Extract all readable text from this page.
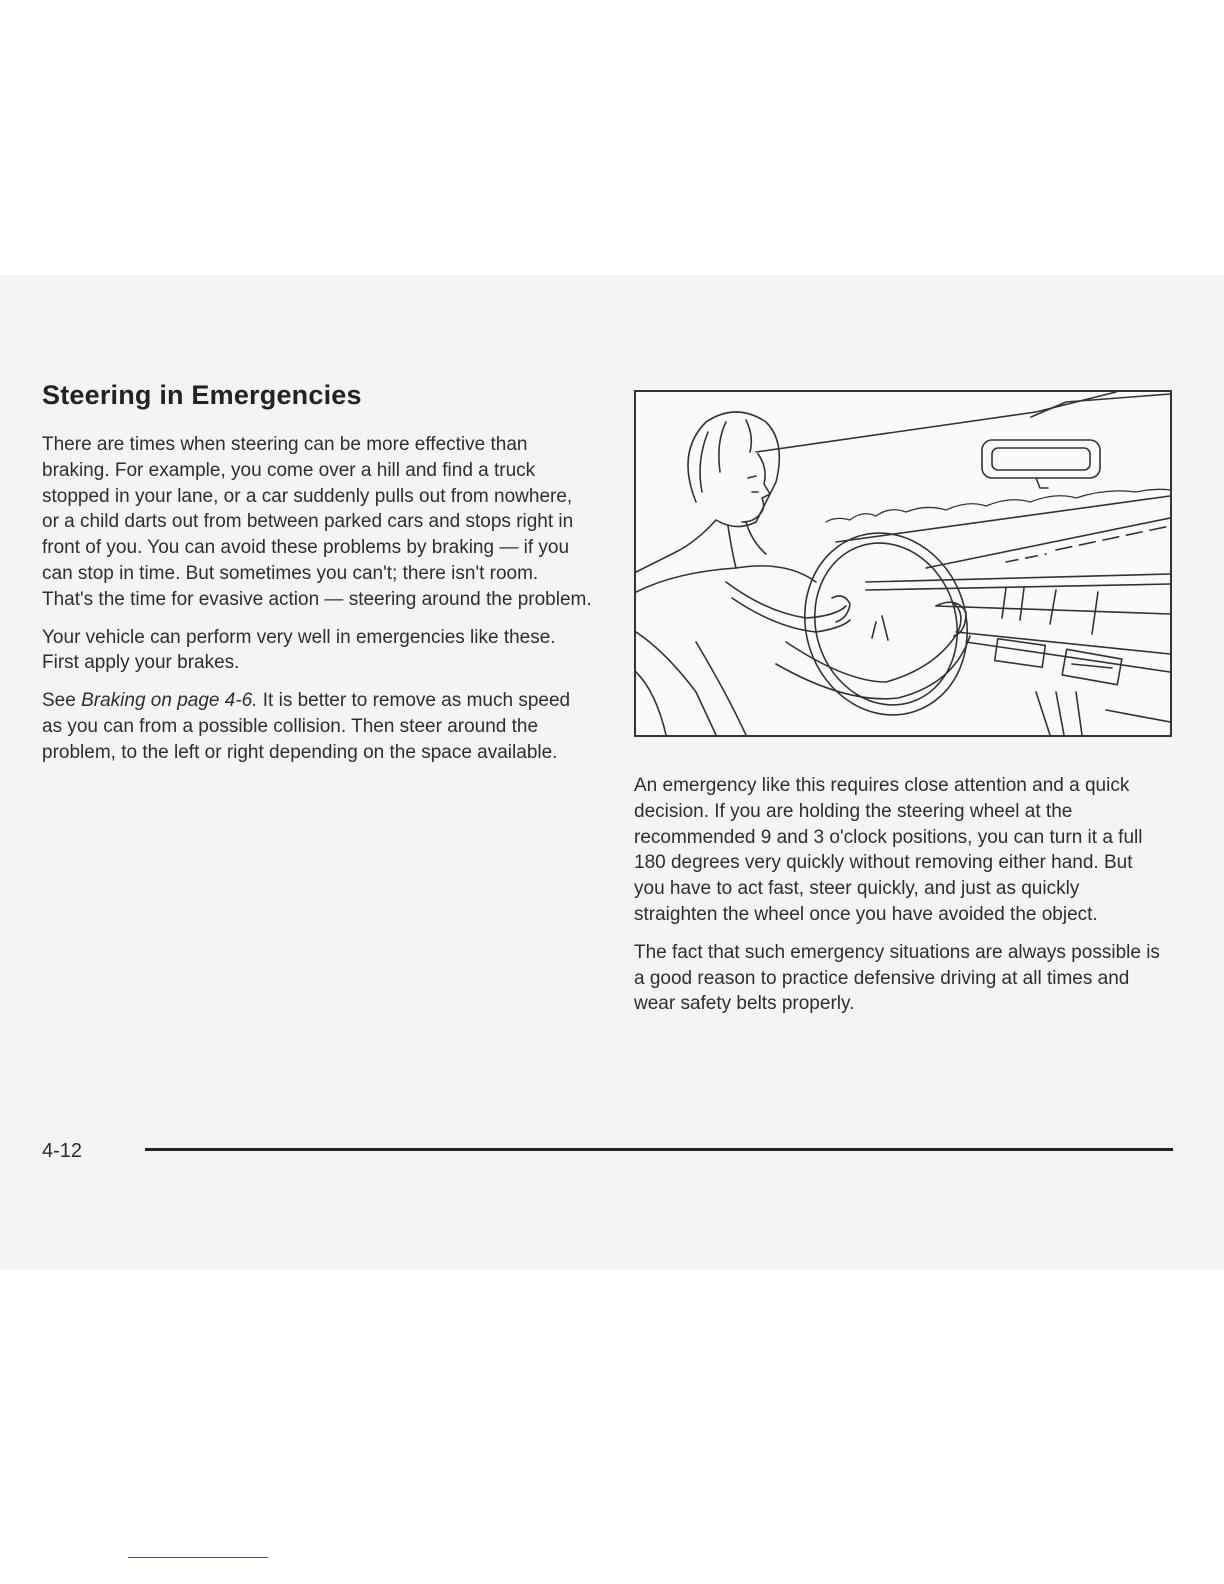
Steering in Emergencies

There are times when steering can be more effective than braking. For example, you come over a hill and find a truck stopped in your lane, or a car suddenly pulls out from nowhere, or a child darts out from between parked cars and stops right in front of you. You can avoid these problems by braking — if you can stop in time. But sometimes you can't; there isn't room. That's the time for evasive action — steering around the problem.

Your vehicle can perform very well in emergencies like these. First apply your brakes.

See Braking on page 4-6. It is better to remove as much speed as you can from a possible collision. Then steer around the problem, to the left or right depending on the space available.

An emergency like this requires close attention and a quick decision. If you are holding the steering wheel at the recommended 9 and 3 o'clock positions, you can turn it a full 180 degrees very quickly without removing either hand. But you have to act fast, steer quickly, and just as quickly straighten the wheel once you have avoided the object.

The fact that such emergency situations are always possible is a good reason to practice defensive driving at all times and wear safety belts properly.

4-12
